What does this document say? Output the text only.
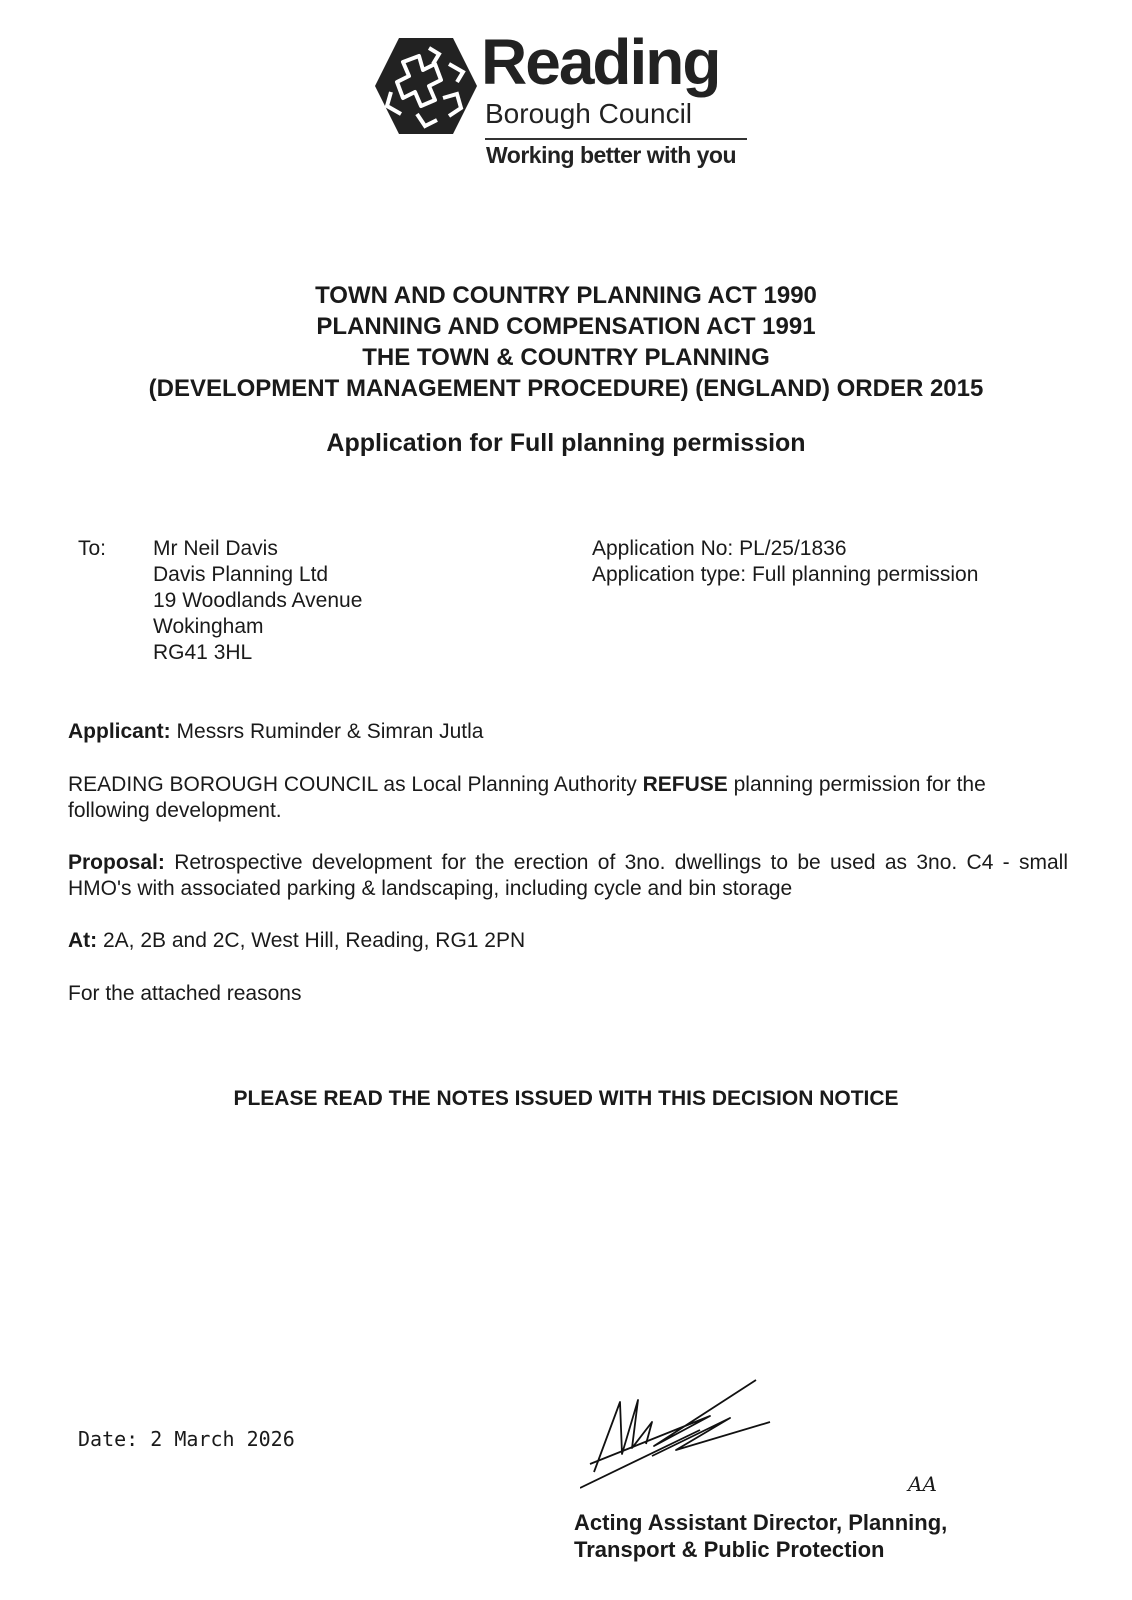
Reading
Borough Council
Working better with you
TOWN AND COUNTRY PLANNING ACT 1990
PLANNING AND COMPENSATION ACT 1991
THE TOWN & COUNTRY PLANNING
(DEVELOPMENT MANAGEMENT PROCEDURE) (ENGLAND) ORDER 2015
Application for Full planning permission
To: Mr Neil Davis
Davis Planning Ltd
19 Woodlands Avenue
Wokingham
RG41 3HL
Application No: PL/25/1836
Application type: Full planning permission
Applicant: Messrs Ruminder & Simran Jutla
READING BOROUGH COUNCIL as Local Planning Authority REFUSE planning permission for the following development.
Proposal: Retrospective development for the erection of 3no. dwellings to be used as 3no. C4 - small HMO's with associated parking & landscaping, including cycle and bin storage
At: 2A, 2B and 2C, West Hill, Reading, RG1 2PN
For the attached reasons
PLEASE READ THE NOTES ISSUED WITH THIS DECISION NOTICE
Date: 2 March 2026
AA
Acting Assistant Director, Planning,
Transport & Public Protection
